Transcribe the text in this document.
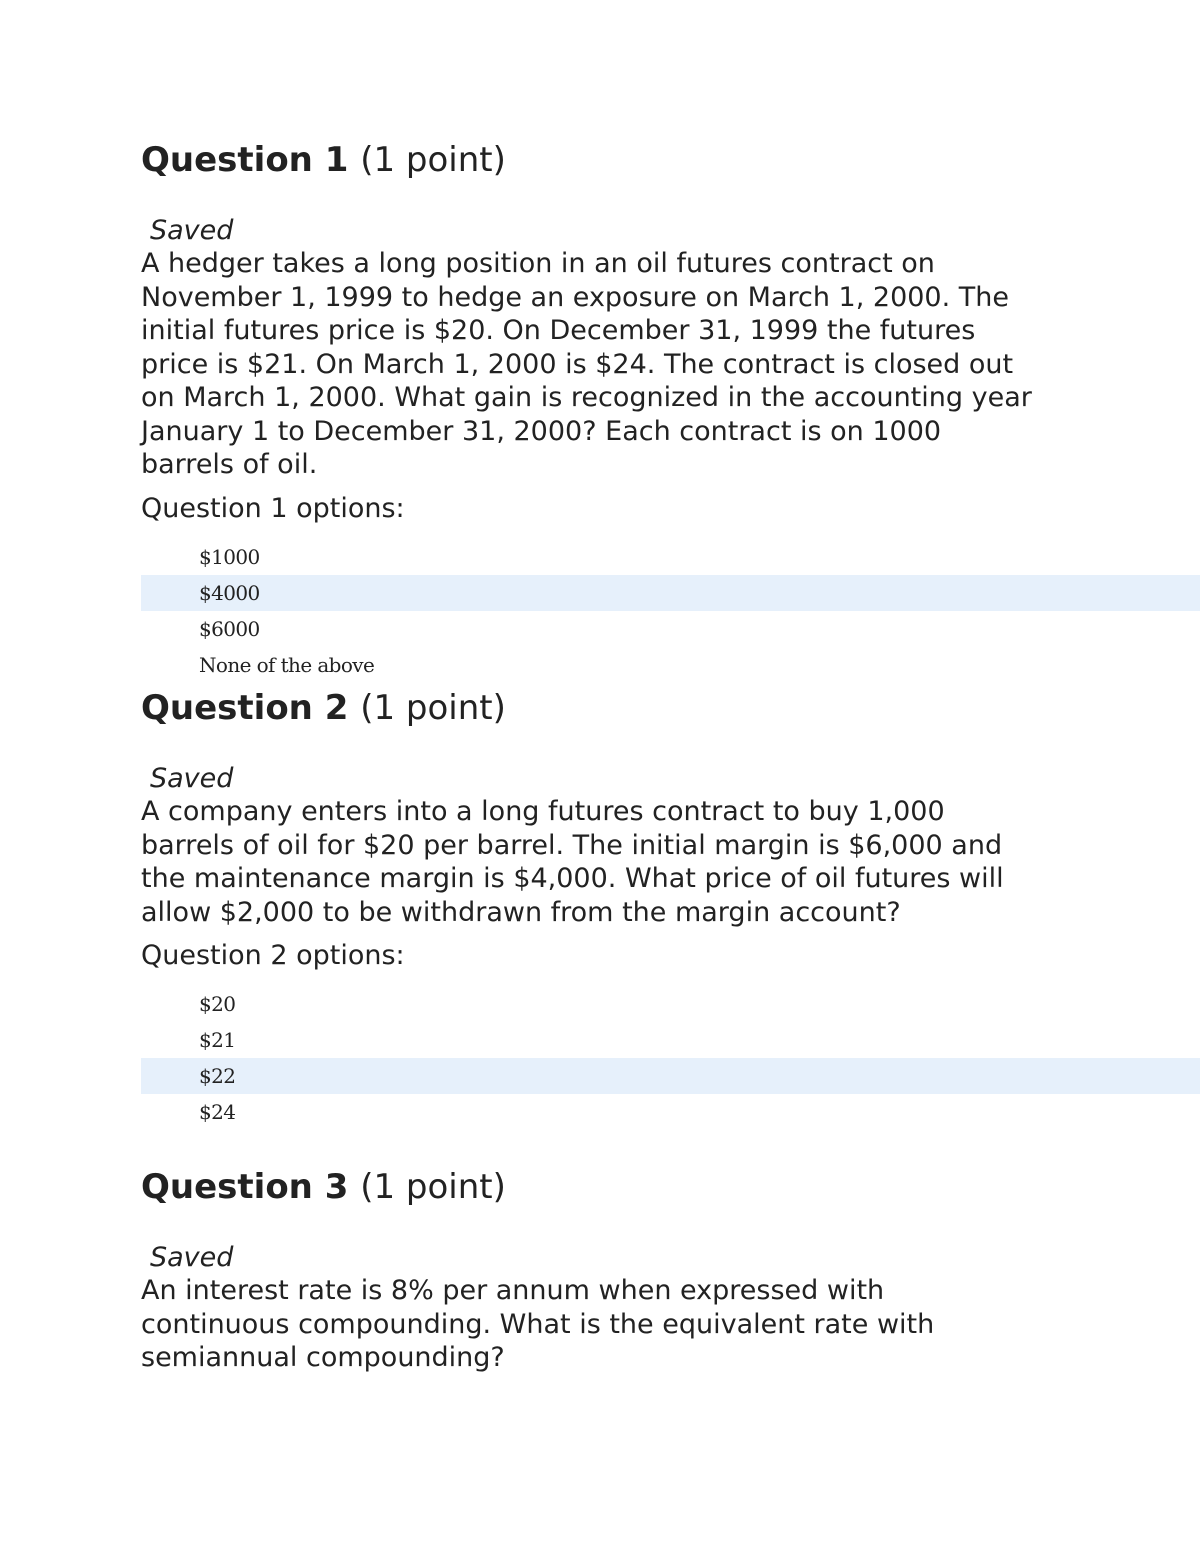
Question 1 (1 point)
Saved

A hedger takes a long position in an oil futures contract on November 1, 1999 to hedge an exposure on March 1, 2000. The initial futures price is $20. On December 31, 1999 the futures price is $21. On March 1, 2000 is $24. The contract is closed out on March 1, 2000. What gain is recognized in the accounting year January 1 to December 31, 2000? Each contract is on 1000 barrels of oil.

Question 1 options:
$1000
$4000
$6000
None of the above
Question 2 (1 point)
Saved

A company enters into a long futures contract to buy 1,000 barrels of oil for $20 per barrel. The initial margin is $6,000 and the maintenance margin is $4,000. What price of oil futures will allow $2,000 to be withdrawn from the margin account?

Question 2 options:
$20
$21
$22
$24
Question 3 (1 point)
Saved

An interest rate is 8% per annum when expressed with continuous compounding. What is the equivalent rate with semiannual compounding?
